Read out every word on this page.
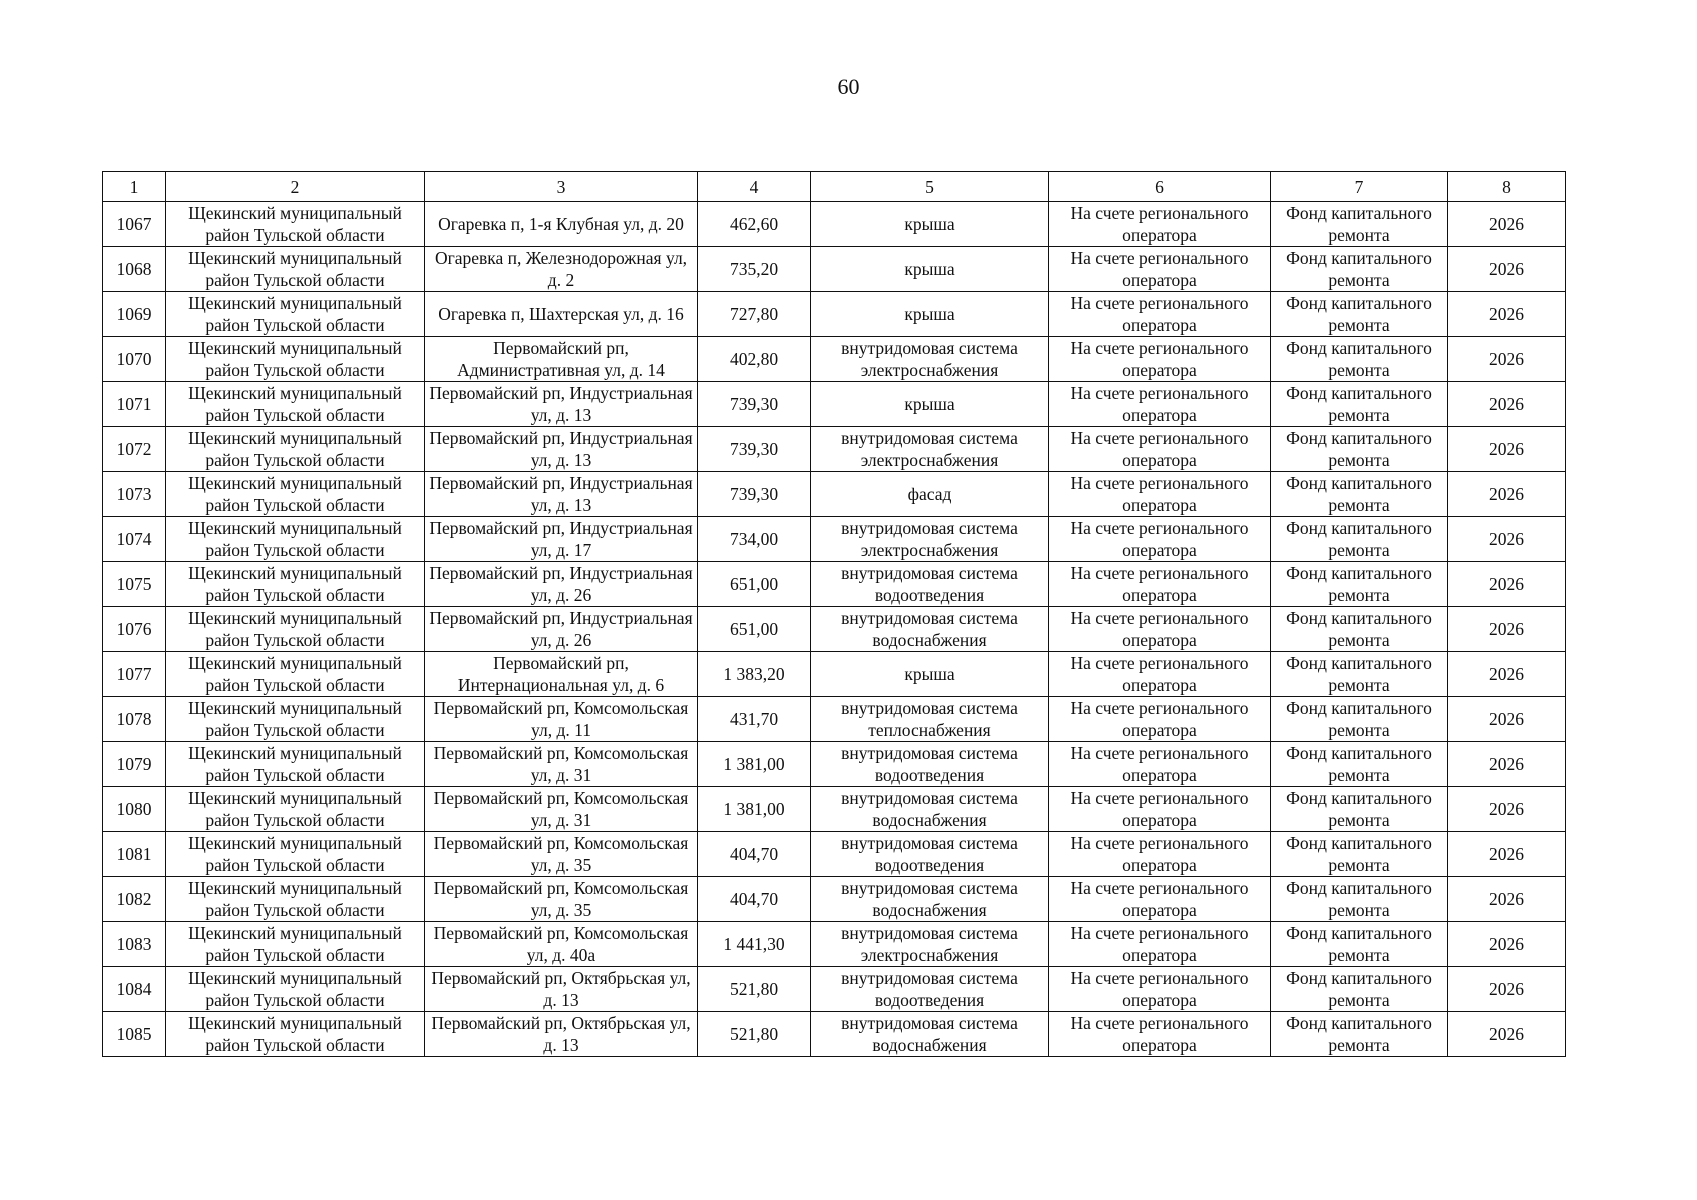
60
1	2	3	4	5	6	7	8
1067	Щекинский муниципальный район Тульской области	Огаревка п, 1-я Клубная ул, д. 20	462,60	крыша	На счете регионального оператора	Фонд капитального ремонта	2026
1068	Щекинский муниципальный район Тульской области	Огаревка п, Железнодорожная ул, д. 2	735,20	крыша	На счете регионального оператора	Фонд капитального ремонта	2026
1069	Щекинский муниципальный район Тульской области	Огаревка п, Шахтерская ул, д. 16	727,80	крыша	На счете регионального оператора	Фонд капитального ремонта	2026
1070	Щекинский муниципальный район Тульской области	Первомайский рп, Административная ул, д. 14	402,80	внутридомовая система электроснабжения	На счете регионального оператора	Фонд капитального ремонта	2026
1071	Щекинский муниципальный район Тульской области	Первомайский рп, Индустриальная ул, д. 13	739,30	крыша	На счете регионального оператора	Фонд капитального ремонта	2026
1072	Щекинский муниципальный район Тульской области	Первомайский рп, Индустриальная ул, д. 13	739,30	внутридомовая система электроснабжения	На счете регионального оператора	Фонд капитального ремонта	2026
1073	Щекинский муниципальный район Тульской области	Первомайский рп, Индустриальная ул, д. 13	739,30	фасад	На счете регионального оператора	Фонд капитального ремонта	2026
1074	Щекинский муниципальный район Тульской области	Первомайский рп, Индустриальная ул, д. 17	734,00	внутридомовая система электроснабжения	На счете регионального оператора	Фонд капитального ремонта	2026
1075	Щекинский муниципальный район Тульской области	Первомайский рп, Индустриальная ул, д. 26	651,00	внутридомовая система водоотведения	На счете регионального оператора	Фонд капитального ремонта	2026
1076	Щекинский муниципальный район Тульской области	Первомайский рп, Индустриальная ул, д. 26	651,00	внутридомовая система водоснабжения	На счете регионального оператора	Фонд капитального ремонта	2026
1077	Щекинский муниципальный район Тульской области	Первомайский рп, Интернациональная ул, д. 6	1 383,20	крыша	На счете регионального оператора	Фонд капитального ремонта	2026
1078	Щекинский муниципальный район Тульской области	Первомайский рп, Комсомольская ул, д. 11	431,70	внутридомовая система теплоснабжения	На счете регионального оператора	Фонд капитального ремонта	2026
1079	Щекинский муниципальный район Тульской области	Первомайский рп, Комсомольская ул, д. 31	1 381,00	внутридомовая система водоотведения	На счете регионального оператора	Фонд капитального ремонта	2026
1080	Щекинский муниципальный район Тульской области	Первомайский рп, Комсомольская ул, д. 31	1 381,00	внутридомовая система водоснабжения	На счете регионального оператора	Фонд капитального ремонта	2026
1081	Щекинский муниципальный район Тульской области	Первомайский рп, Комсомольская ул, д. 35	404,70	внутридомовая система водоотведения	На счете регионального оператора	Фонд капитального ремонта	2026
1082	Щекинский муниципальный район Тульской области	Первомайский рп, Комсомольская ул, д. 35	404,70	внутридомовая система водоснабжения	На счете регионального оператора	Фонд капитального ремонта	2026
1083	Щекинский муниципальный район Тульской области	Первомайский рп, Комсомольская ул, д. 40а	1 441,30	внутридомовая система электроснабжения	На счете регионального оператора	Фонд капитального ремонта	2026
1084	Щекинский муниципальный район Тульской области	Первомайский рп, Октябрьская ул, д. 13	521,80	внутридомовая система водоотведения	На счете регионального оператора	Фонд капитального ремонта	2026
1085	Щекинский муниципальный район Тульской области	Первомайский рп, Октябрьская ул, д. 13	521,80	внутридомовая система водоснабжения	На счете регионального оператора	Фонд капитального ремонта	2026
